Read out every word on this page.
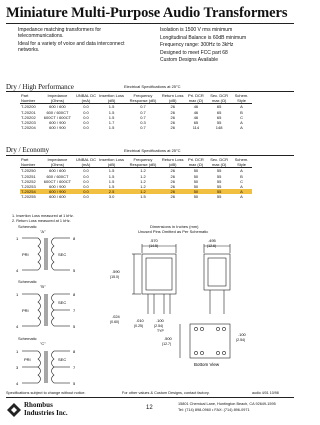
Miniature Multi-Purpose Audio Transformers

Impedance matching transformers for telecommunications.

Ideal for a variety of voice and data interconnect networks.

Isolation is 1500 V rms minimum

Longitudinal Balance is 60dB minimum

Frequency range: 300Hz to 3kHz

Designed to meet FCC part 68

Custom Designs Available

Dry / High Performance	Electrical Specifications at 25°C
Part Number	Impedance (Ohms)	UNBAL DC (mA)	Insertion Loss (dB)	Frequency Response (dB)	Return Loss (dB)	Pri. DCR max (Ω)	Sec. DCR max (Ω)	Schem. Style
T-20200	600 / 600	0.0	1.5	0.7	26	46	65	A
T-20201	600 / 600CT	0.0	1.5	0.7	26	46	65	B
T-20202	600CT / 600CT	0.0	1.5	0.7	26	46	65	C
T-20203	600 / 900	0.0	1.7	0.3	26	65	55	A
T-20204	600 / 900	0.0	1.5	0.7	26	114	148	A
Dry / Economy	Electrical Specifications at 25°C
Part Number	Impedance (Ohms)	UNBAL DC (mA)	Insertion Loss (dB)	Frequency Response (dB)	Return Loss (dB)	Pri. DCR max (Ω)	Sec. DCR max (Ω)	Schem. Style
T-20250	600 / 600	0.0	1.5	1.2	26	50	55	A
T-20251	600 / 600CT	0.0	1.5	1.2	26	50	55	B
T-20252	600CT / 600CT	0.0	1.5	1.2	26	50	55	C
T-20253	600 / 900	0.0	1.5	1.2	26	50	55	A
T-20254	600 / 900	0.0	2.5	1.2	26	50	55	A
T-20255	600 / 600	0.0	3.0	1.5	26	50	55	A
1. Insertion Loss measured at 1 kHz.
2. Return Loss measured at 1 kHz.
Schematic
"A"
1
4	5
8
PRI	SEC
Schematic
"B"
1
4	5
7
8
PRI
SEC
Schematic
"C"
1
3
4	5
7
8
PRI	SEC
Dimensions in Inches (mm)
Unused Pins Omitted as Per Schematic
.570
(14.5)
.495
(12.6)
.590
(15.0)
.024
(0.60)	.010
(0.25)
.100
(2.54)
TYP
.500
(12.7)
.100
(2.54)
Bottom View
Specifications subject to change without notice.	For other values & Custom Designs, contact factory.	audio 4/01 10/98
Rhombus
Industries Inc.
12
15801 Chemical Lane, Huntington Beach, CA 92649-1595
Tel: (714) 898-0960 • FAX: (714) 896-0971
